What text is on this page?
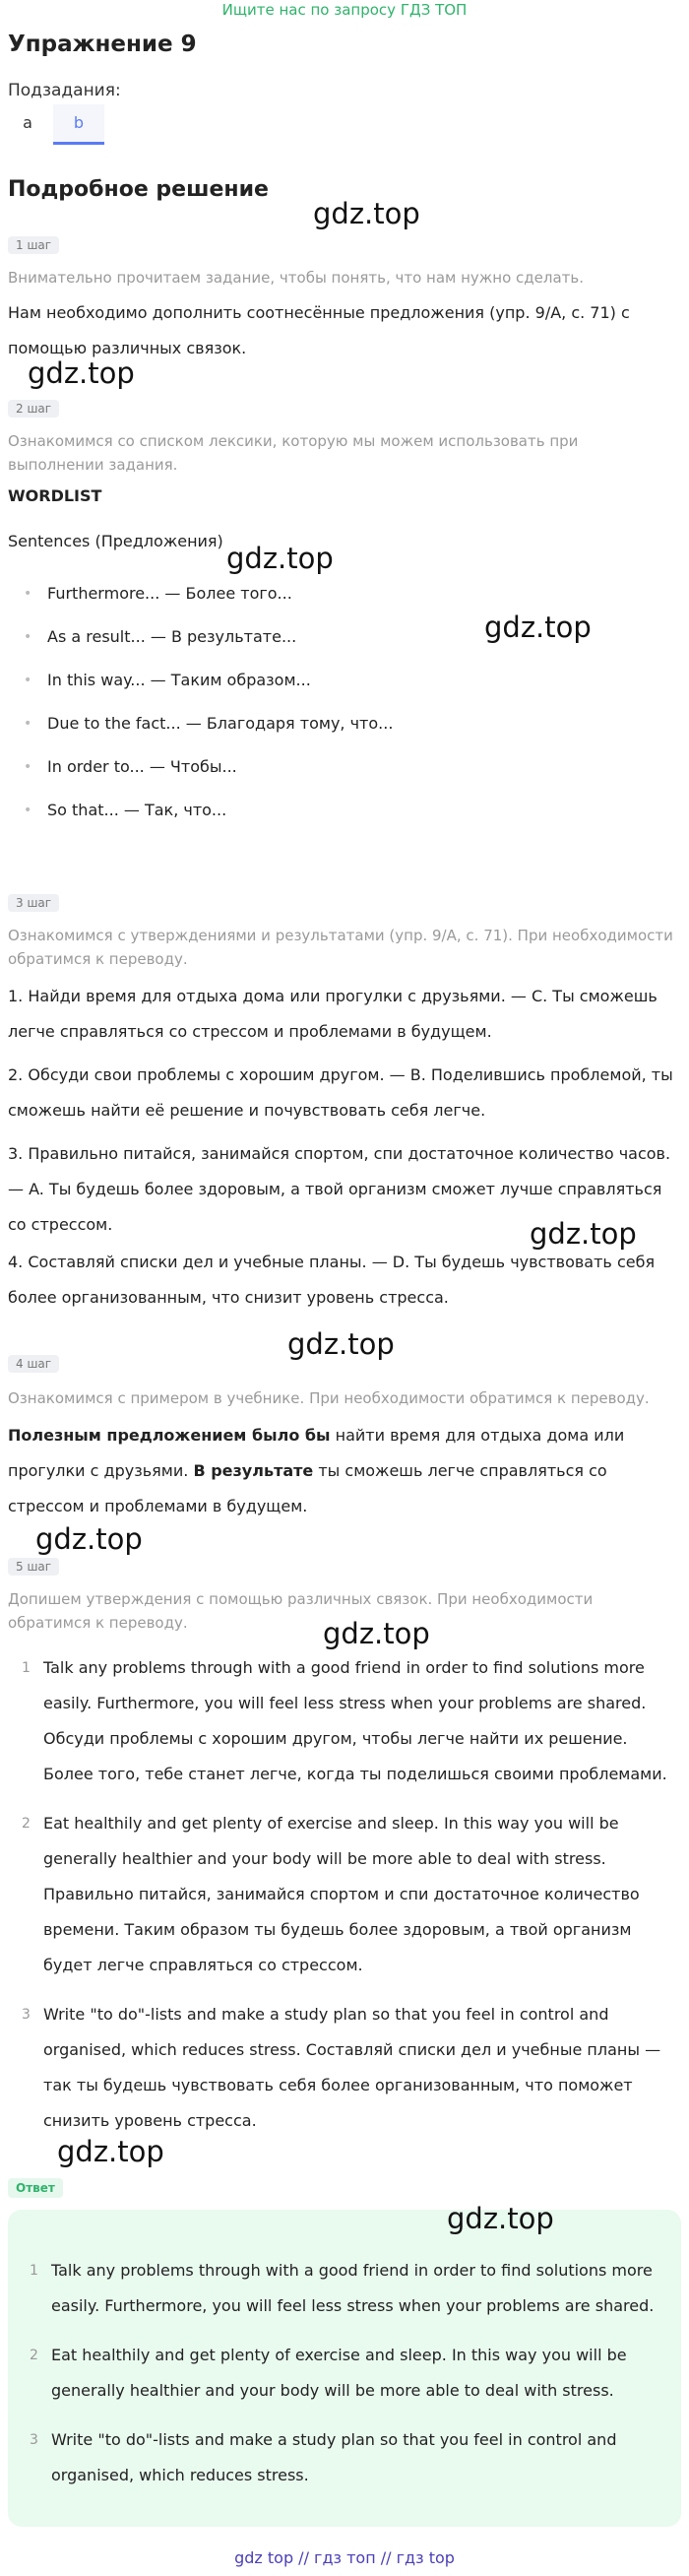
Ищите нас по запросу ГДЗ ТОП
Упражнение 9
Подзадания:
a	b
Подробное решение
1 шаг
Внимательно прочитаем задание, чтобы понять, что нам нужно сделать.
Нам необходимо дополнить соотнесённые предложения (упр. 9/A, с. 71) с помощью различных связок.
2 шаг
Ознакомимся со списком лексики, которую мы можем использовать при выполнении задания.
WORDLIST
Sentences (Предложения)
• Furthermore... — Более того...
• As a result... — В результате...
• In this way... — Таким образом...
• Due to the fact... — Благодаря тому, что...
• In order to... — Чтобы...
• So that... — Так, что...
3 шаг
Ознакомимся с утверждениями и результатами (упр. 9/A, с. 71). При необходимости обратимся к переводу.
1. Найди время для отдыха дома или прогулки с друзьями. — C. Ты сможешь легче справляться со стрессом и проблемами в будущем.
2. Обсуди свои проблемы с хорошим другом. — B. Поделившись проблемой, ты сможешь найти её решение и почувствовать себя легче.
3. Правильно питайся, занимайся спортом, спи достаточное количество часов. — A. Ты будешь более здоровым, а твой организм сможет лучше справляться со стрессом.
4. Составляй списки дел и учебные планы. — D. Ты будешь чувствовать себя более организованным, что снизит уровень стресса.
4 шаг
Ознакомимся с примером в учебнике. При необходимости обратимся к переводу.
Полезным предложением было бы найти время для отдыха дома или прогулки с друзьями. В результате ты сможешь легче справляться со стрессом и проблемами в будущем.
5 шаг
Допишем утверждения с помощью различных связок. При необходимости обратимся к переводу.
1 Talk any problems through with a good friend in order to find solutions more easily. Furthermore, you will feel less stress when your problems are shared. Обсуди проблемы с хорошим другом, чтобы легче найти их решение. Более того, тебе станет легче, когда ты поделишься своими проблемами.
2 Eat healthily and get plenty of exercise and sleep. In this way you will be generally healthier and your body will be more able to deal with stress. Правильно питайся, занимайся спортом и спи достаточное количество времени. Таким образом ты будешь более здоровым, а твой организм будет легче справляться со стрессом.
3 Write "to do"-lists and make a study plan so that you feel in control and organised, which reduces stress. Составляй списки дел и учебные планы — так ты будешь чувствовать себя более организованным, что поможет снизить уровень стресса.
Ответ
1 Talk any problems through with a good friend in order to find solutions more easily. Furthermore, you will feel less stress when your problems are shared.
2 Eat healthily and get plenty of exercise and sleep. In this way you will be generally healthier and your body will be more able to deal with stress.
3 Write "to do"-lists and make a study plan so that you feel in control and organised, which reduces stress.
gdz.top
gdz.top
gdz.top
gdz.top
gdz.top
gdz.top
gdz.top
gdz.top
gdz.top
gdz.top
gdz top // гдз топ // гдз top
